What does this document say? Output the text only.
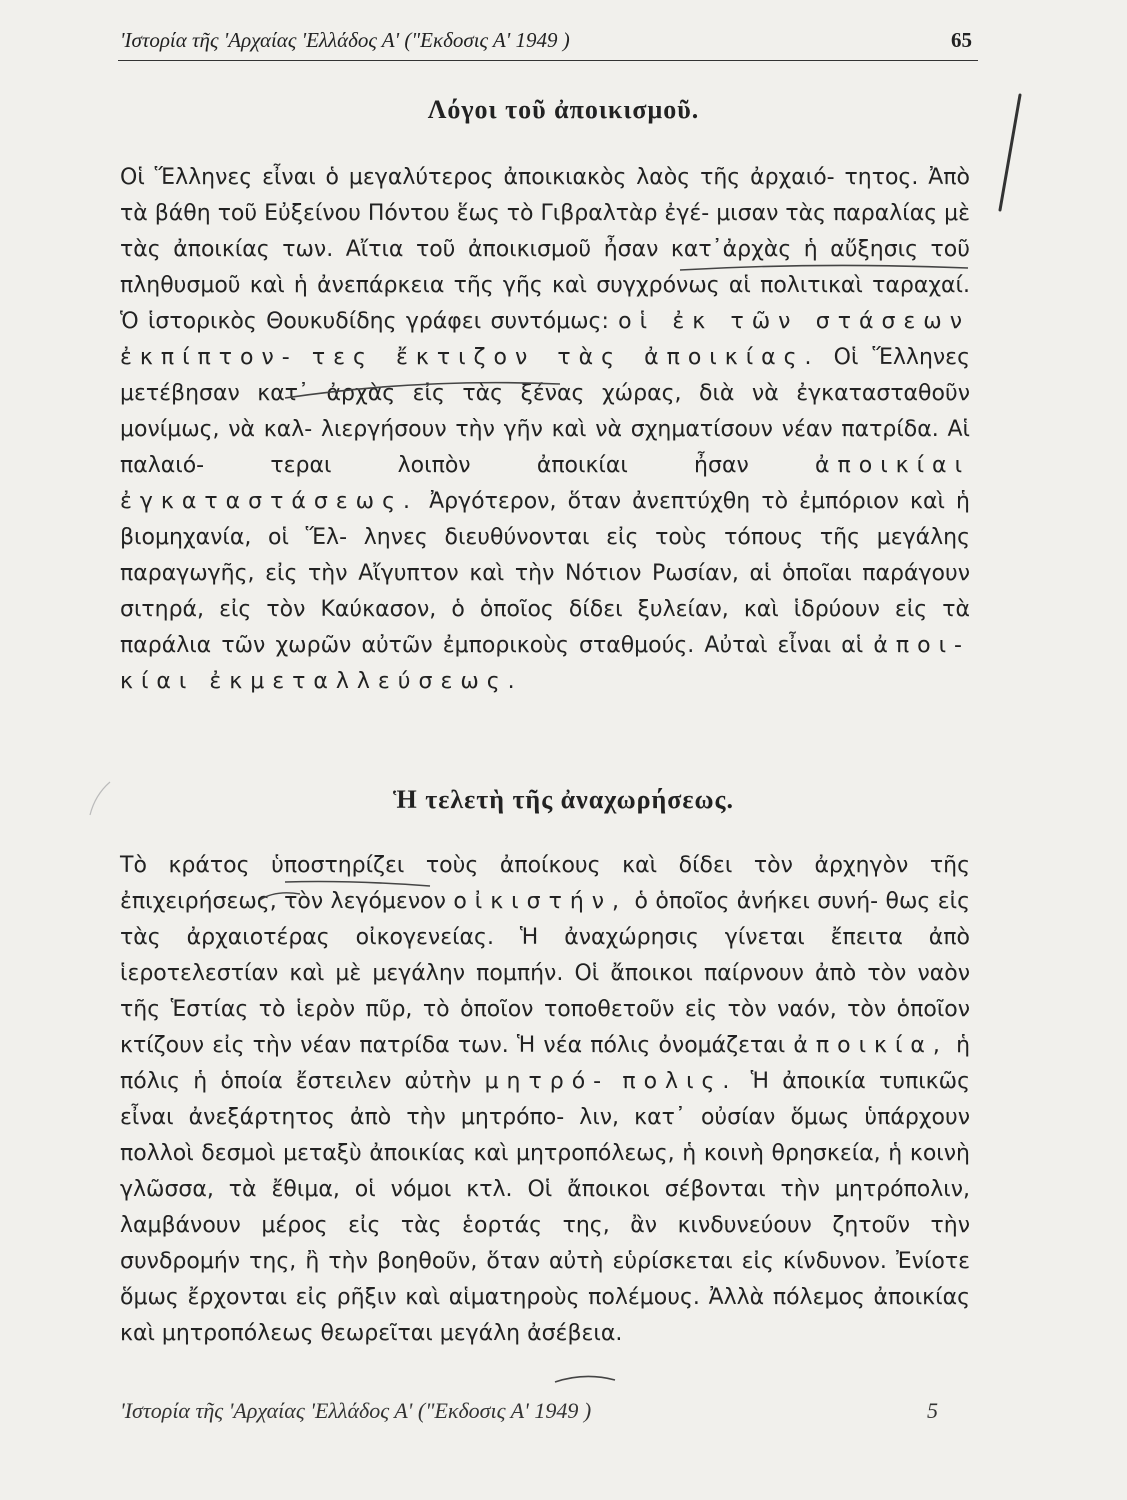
'Ιστορία τῆς 'Αρχαίας 'Ελλάδος Α' ("Εκδοσις Α' 1949 )	65
Λόγοι τοῦ ἀποικισμοῦ.
Οἱ Ἕλληνες εἶναι ὁ μεγαλύτερος ἀποικιακὸς λαὸς τῆς ἀρχαιό- τητος. Ἀπὸ τὰ βάθη τοῦ Εὐξείνου Πόντου ἕως τὸ Γιβραλτὰρ ἐγέ- μισαν τὰς παραλίας μὲ τὰς ἀποικίας των. Αἴτια τοῦ ἀποικισμοῦ ἦσαν κατ᾽ἀρχὰς ἡ αὔξησις τοῦ πληθυσμοῦ καὶ ἡ ἀνεπάρκεια τῆς γῆς καὶ συγχρόνως αἱ πολιτικαὶ ταραχαί. Ὁ ἱστορικὸς Θουκυδίδης γράφει συντόμως: οἱ ἐκ τῶν στάσεων ἐκπίπτον- τες ἔκτιζον τὰς ἀποικίας. Οἱ Ἕλληνες μετέβησαν κατ᾽ ἀρχὰς εἰς τὰς ξένας χώρας, διὰ νὰ ἐγκατασταθοῦν μονίμως, νὰ καλ- λιεργήσουν τὴν γῆν καὶ νὰ σχηματίσουν νέαν πατρίδα. Αἱ παλαιό-	τεραι λοιπὸν ἀποικίαι ἦσαν	ἀποικίαι ἐγκαταστάσεως. Ἀργότερον, ὅταν ἀνεπτύχθη τὸ ἐμπόριον καὶ ἡ βιομηχανία, οἱ Ἕλ- ληνες διευθύνονται εἰς τοὺς τόπους τῆς μεγάλης παραγωγῆς, εἰς τὴν Αἴγυπτον καὶ τὴν Νότιον Ρωσίαν, αἱ ὁποῖαι παράγουν σιτηρά, εἰς τὸν Καύκασον, ὁ ὁποῖος δίδει ξυλείαν, καὶ ἱδρύουν εἰς τὰ παράλια τῶν χωρῶν αὐτῶν ἐμπορικοὺς σταθμούς. Αὐταὶ εἶναι αἱ ἀποι- κίαι ἐκμεταλλεύσεως.
Ἡ τελετὴ τῆς ἀναχωρήσεως.
Τὸ κράτος ὑποστηρίζει τοὺς ἀποίκους καὶ δίδει τὸν ἀρχηγὸν τῆς ἐπιχειρήσεως, τὸν λεγόμενον οἰκιστήν, ὁ ὁποῖος ἀνήκει συνή- θως εἰς τὰς ἀρχαιοτέρας οἰκογενείας. Ἡ ἀναχώρησις γίνεται ἔπειτα ἀπὸ ἱεροτελεστίαν καὶ μὲ μεγάλην πομπήν. Οἱ ἄποικοι παίρνουν ἀπὸ τὸν ναὸν τῆς Ἑστίας τὸ ἱερὸν πῦρ, τὸ ὁποῖον τοποθετοῦν εἰς τὸν ναόν, τὸν ὁποῖον κτίζουν εἰς τὴν νέαν πατρίδα των. Ἡ νέα πόλις ὀνομάζεται ἀποικία, ἡ πόλις ἡ ὁποία ἔστειλεν αὐτὴν μητρό- πολις. Ἡ ἀποικία τυπικῶς εἶναι ἀνεξάρτητος ἀπὸ τὴν μητρόπο- λιν, κατ᾽ οὐσίαν ὅμως ὑπάρχουν πολλοὶ δεσμοὶ μεταξὺ ἀποικίας καὶ μητροπόλεως, ἡ κοινὴ θρησκεία, ἡ κοινὴ γλῶσσα, τὰ ἔθιμα, οἱ νόμοι κτλ. Οἱ ἄποικοι σέβονται τὴν μητρόπολιν, λαμβάνουν μέρος εἰς τὰς ἑορτάς της, ἂν κινδυνεύουν ζητοῦν τὴν συνδρομήν της, ἢ τὴν βοηθοῦν, ὅταν αὐτὴ εὑρίσκεται εἰς κίνδυνον. Ἐνίοτε ὅμως ἔρχονται εἰς ρῆξιν καὶ αἱματηροὺς πολέμους. Ἀλλὰ πόλεμος ἀποικίας καὶ μητροπόλεως θεωρεῖται μεγάλη ἀσέβεια.
'Ιστορία τῆς 'Αρχαίας 'Ελλάδος Α' ("Εκδοσις Α' 1949 )	5
